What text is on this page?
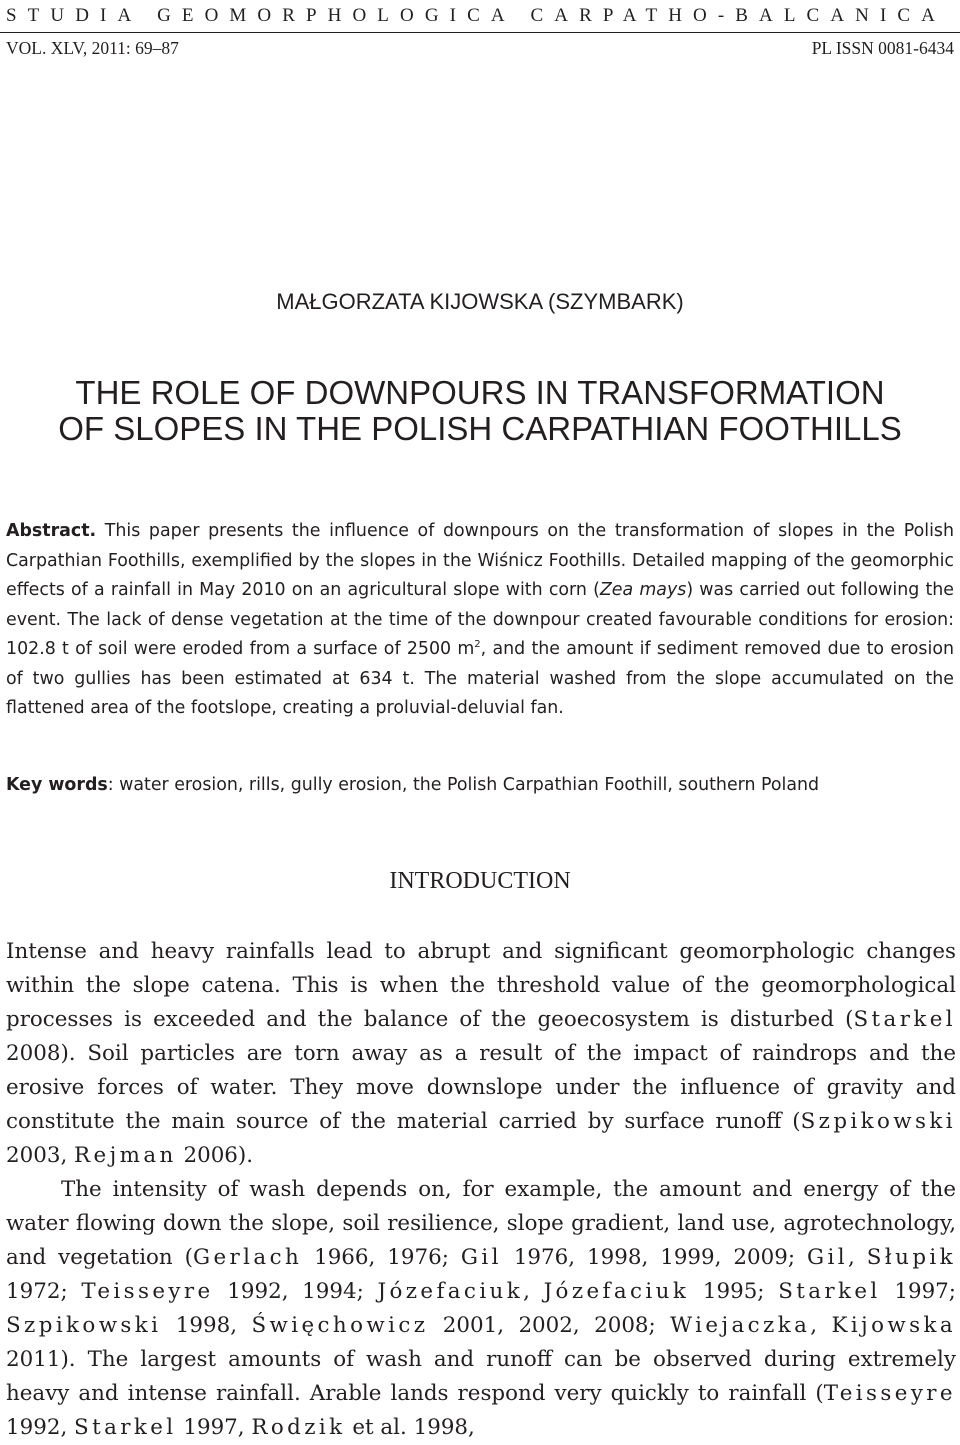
STUDIA GEOMORPHOLOGICA CARPATHO-BALCANICA
VOL. XLV, 2011: 69–87	PL ISSN 0081-6434
MAŁGORZATA KIJOWSKA (SZYMBARK)
THE ROLE OF DOWNPOURS IN TRANSFORMATION
OF SLOPES IN THE POLISH CARPATHIAN FOOTHILLS

Abstract. This paper presents the influence of downpours on the transformation of slopes in the Polish Carpathian Foothills, exemplified by the slopes in the Wiśnicz Foothills. Detailed mapping of the geomorphic effects of a rainfall in May 2010 on an agricultural slope with corn (Zea mays) was carried out following the event. The lack of dense vegetation at the time of the downpour created favourable conditions for erosion: 102.8 t of soil were eroded from a surface of 2500 $m^2$, and the amount if sediment removed due to erosion of two gullies has been estimated at 634 t. The material washed from the slope accumulated on the flattened area of the footslope, creating a proluvial-deluvial fan.

Key words: water erosion, rills, gully erosion, the Polish Carpathian Foothill, southern Poland

INTRODUCTION

Intense and heavy rainfalls lead to abrupt and significant geomorphologic changes within the slope catena. This is when the threshold value of the geomorphological processes is exceeded and the balance of the geoecosystem is disturbed (Starkel 2008). Soil particles are torn away as a result of the impact of raindrops and the erosive forces of water. They move downslope under the influence of gravity and constitute the main source of the material carried by surface runoff (Szpikowski 2003, Rejman 2006).

The intensity of wash depends on, for example, the amount and energy of the water flowing down the slope, soil resilience, slope gradient, land use, agrotechnology, and vegetation (Gerlach 1966, 1976; Gil 1976, 1998, 1999, 2009; Gil, Słupik 1972; Teisseyre 1992, 1994; Józefaciuk, Józefaciuk 1995; Starkel 1997; Szpikowski 1998, Święchowicz 2001, 2002, 2008; Wiejaczka, Kijowska 2011). The largest amounts of wash and runoff can be observed during extremely heavy and intense rainfall. Arable lands respond very quickly to rainfall (Teisseyre 1992, Starkel 1997, Rodzik et al. 1998,
